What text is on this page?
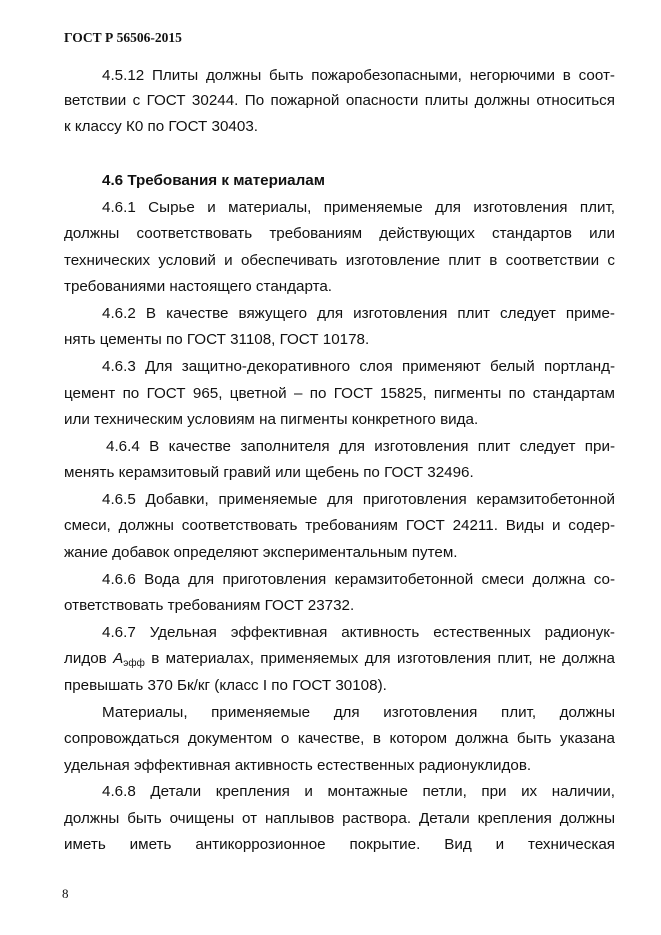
ГОСТ Р 56506-2015
4.5.12 Плиты должны быть пожаробезопасными, негорючими в соот-
ветствии с ГОСТ 30244. По пожарной опасности плиты должны относиться
к классу К0 по ГОСТ 30403.
4.6 Требования к материалам
4.6.1 Сырье и материалы, применяемые для изготовления плит,
должны соответствовать требованиям действующих стандартов или
технических условий и обеспечивать изготовление плит в соответствии с
требованиями настоящего стандарта.
4.6.2 В качестве вяжущего для изготовления плит следует приме-
нять цементы по ГОСТ 31108, ГОСТ 10178.
4.6.3 Для защитно-декоративного слоя применяют белый портланд-
цемент по ГОСТ 965, цветной – по ГОСТ 15825, пигменты по стандартам
или техническим условиям на пигменты конкретного вида.
4.6.4 В качестве заполнителя для изготовления плит следует при-
менять керамзитовый гравий или щебень по ГОСТ 32496.
4.6.5 Добавки, применяемые для приготовления керамзитобетонной
смеси, должны соответствовать требованиям ГОСТ 24211. Виды и содер-
жание добавок определяют экспериментальным путем.
4.6.6 Вода для приготовления керамзитобетонной смеси должна со-
ответствовать требованиям ГОСТ 23732.
4.6.7 Удельная эффективная активность естественных радионук-
лидов $A_{эфф}$ в материалах, применяемых для изготовления плит, не должна
превышать 370 Бк/кг (класс I по ГОСТ 30108).
Материалы, применяемые для изготовления плит, должны
сопровождаться документом о качестве, в котором должна быть указана
удельная эффективная активность естественных радионуклидов.
4.6.8 Детали крепления и монтажные петли, при их наличии,
должны быть очищены от наплывов раствора. Детали крепления должны
иметь иметь антикоррозионное покрытие. Вид и техническая
8
